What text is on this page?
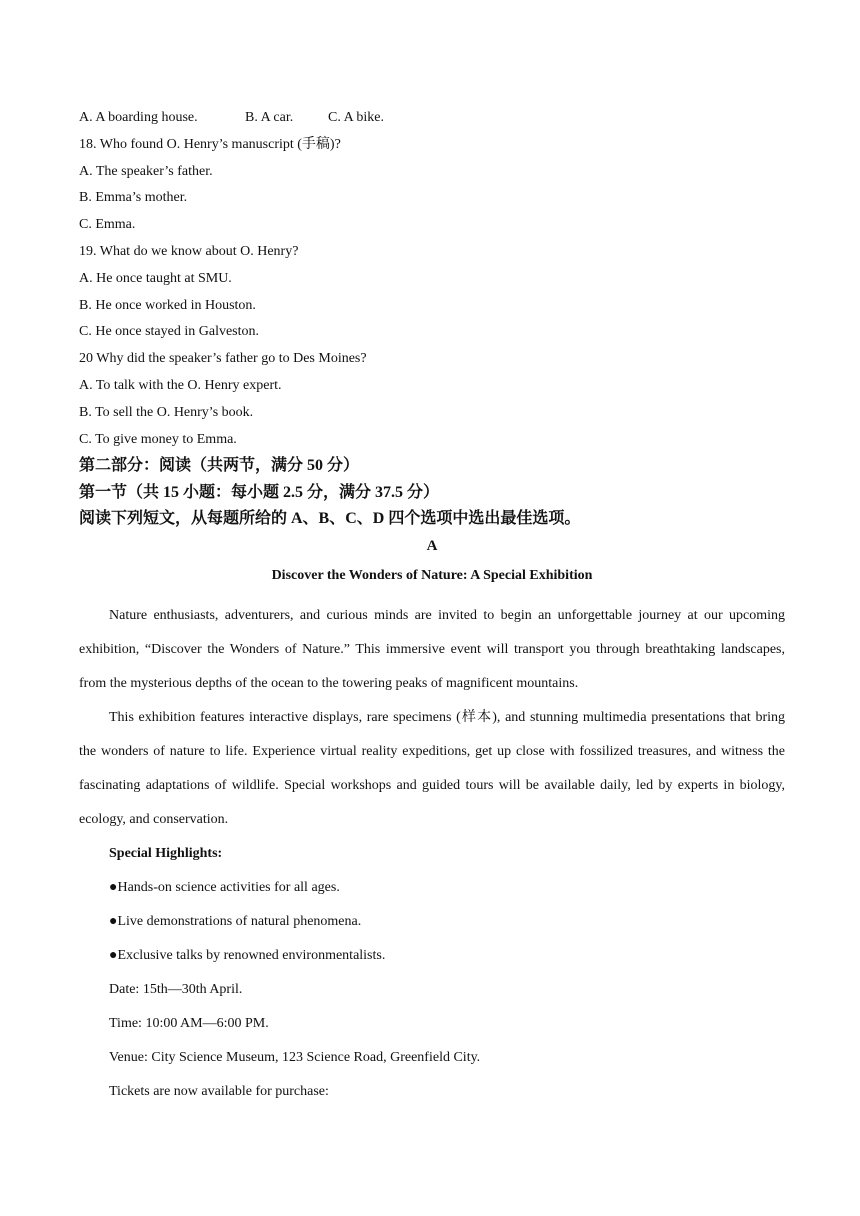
A. A boarding house.	B. A car. C. A bike.
18. Who found O. Henry’s manuscript (手稿)?
A. The speaker’s father.
B. Emma’s mother.
C. Emma.
19. What do we know about O. Henry?
A. He once taught at SMU.
B. He once worked in Houston.
C. He once stayed in Galveston.
20 Why did the speaker’s father go to Des Moines?
A. To talk with the O. Henry expert.
B. To sell the O. Henry’s book.
C. To give money to Emma.
第二部分：阅读（共两节，满分 50 分）
第一节（共 15 小题：每小题 2.5 分，满分 37.5 分）
阅读下列短文，从每题所给的 A、B、C、D 四个选项中选出最佳选项。
A
Discover the Wonders of Nature: A Special Exhibition

Nature enthusiasts, adventurers, and curious minds are invited to begin an unforgettable journey at our upcoming exhibition, “Discover the Wonders of Nature.” This immersive event will transport you through breathtaking landscapes, from the mysterious depths of the ocean to the towering peaks of magnificent mountains.

This exhibition features interactive displays, rare specimens (样本), and stunning multimedia presentations that bring the wonders of nature to life. Experience virtual reality expeditions, get up close with fossilized treasures, and witness the fascinating adaptations of wildlife. Special workshops and guided tours will be available daily, led by experts in biology, ecology, and conservation.

Special Highlights:
●Hands-on science activities for all ages.
●Live demonstrations of natural phenomena.
●Exclusive talks by renowned environmentalists.
Date: 15th—30th April.
Time: 10:00 AM—6:00 PM.
Venue: City Science Museum, 123 Science Road, Greenfield City.
Tickets are now available for purchase:
